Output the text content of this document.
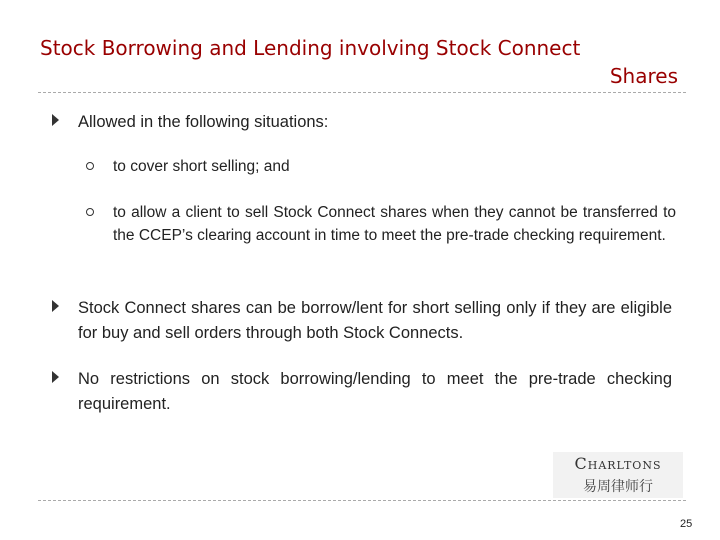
Stock Borrowing and Lending involving Stock Connect
Shares
Allowed in the following situations:
to cover short selling; and
to allow a client to sell Stock Connect shares when they cannot be transferred to the CCEP’s clearing account in time to meet the pre-trade checking requirement.
Stock Connect shares can be borrow/lent for short selling only if they are eligible for buy and sell orders through both Stock Connects.
No restrictions on stock borrowing/lending to meet the pre-trade checking requirement.
Charltons
易周律师行
25
